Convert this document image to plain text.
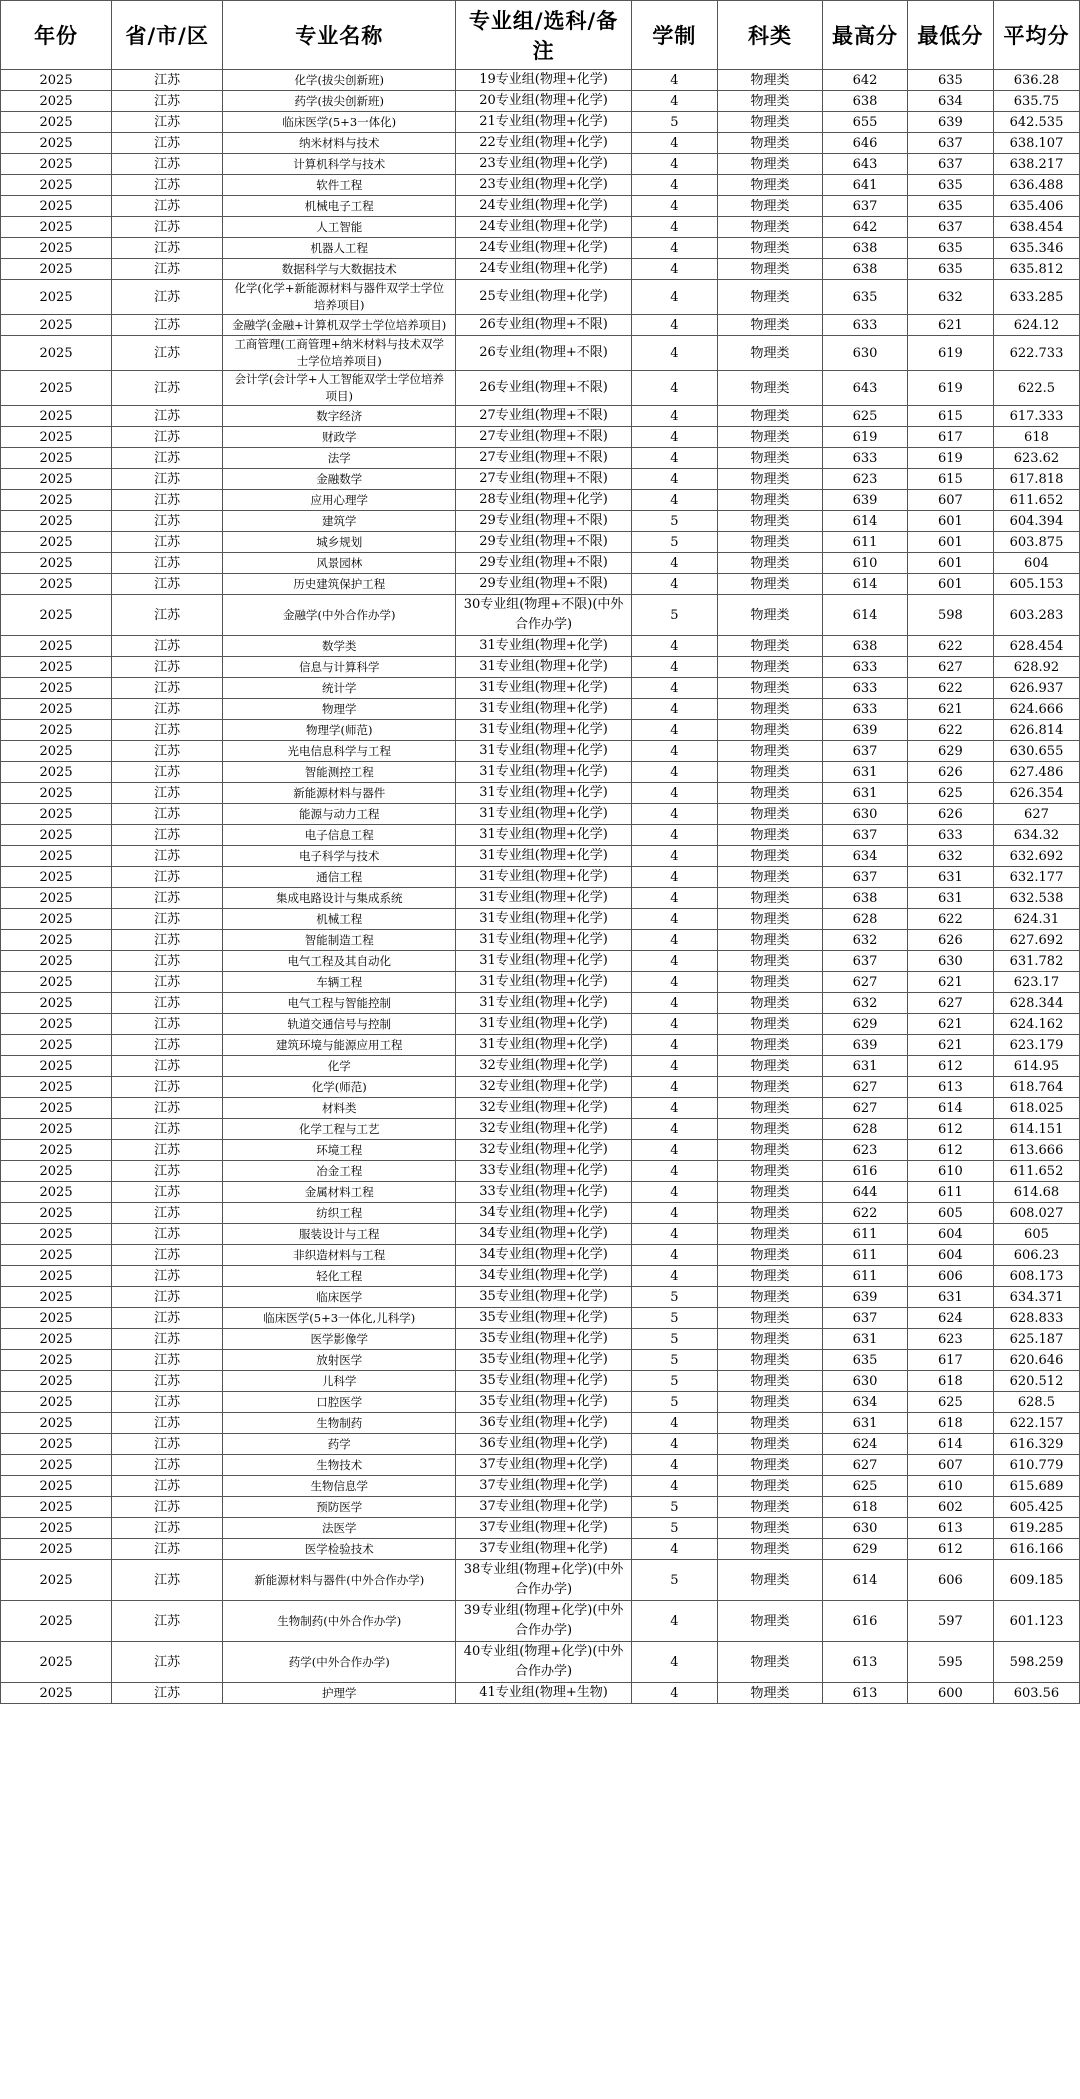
年份	省/市/区	专业名称	专业组/选科/备注	学制	科类	最高分	最低分	平均分
2025	江苏	化学(拔尖创新班)	19专业组(物理+化学)	4	物理类	642	635	636.28
2025	江苏	药学(拔尖创新班)	20专业组(物理+化学)	4	物理类	638	634	635.75
2025	江苏	临床医学(5+3一体化)	21专业组(物理+化学)	5	物理类	655	639	642.535
2025	江苏	纳米材料与技术	22专业组(物理+化学)	4	物理类	646	637	638.107
2025	江苏	计算机科学与技术	23专业组(物理+化学)	4	物理类	643	637	638.217
2025	江苏	软件工程	23专业组(物理+化学)	4	物理类	641	635	636.488
2025	江苏	机械电子工程	24专业组(物理+化学)	4	物理类	637	635	635.406
2025	江苏	人工智能	24专业组(物理+化学)	4	物理类	642	637	638.454
2025	江苏	机器人工程	24专业组(物理+化学)	4	物理类	638	635	635.346
2025	江苏	数据科学与大数据技术	24专业组(物理+化学)	4	物理类	638	635	635.812
2025	江苏	化学(化学+新能源材料与器件双学士学位培养项目)	25专业组(物理+化学)	4	物理类	635	632	633.285
2025	江苏	金融学(金融+计算机双学士学位培养项目)	26专业组(物理+不限)	4	物理类	633	621	624.12
2025	江苏	工商管理(工商管理+纳米材料与技术双学士学位培养项目)	26专业组(物理+不限)	4	物理类	630	619	622.733
2025	江苏	会计学(会计学+人工智能双学士学位培养项目)	26专业组(物理+不限)	4	物理类	643	619	622.5
2025	江苏	数字经济	27专业组(物理+不限)	4	物理类	625	615	617.333
2025	江苏	财政学	27专业组(物理+不限)	4	物理类	619	617	618
2025	江苏	法学	27专业组(物理+不限)	4	物理类	633	619	623.62
2025	江苏	金融数学	27专业组(物理+不限)	4	物理类	623	615	617.818
2025	江苏	应用心理学	28专业组(物理+化学)	4	物理类	639	607	611.652
2025	江苏	建筑学	29专业组(物理+不限)	5	物理类	614	601	604.394
2025	江苏	城乡规划	29专业组(物理+不限)	5	物理类	611	601	603.875
2025	江苏	风景园林	29专业组(物理+不限)	4	物理类	610	601	604
2025	江苏	历史建筑保护工程	29专业组(物理+不限)	4	物理类	614	601	605.153
2025	江苏	金融学(中外合作办学)	30专业组(物理+不限)(中外合作办学)	5	物理类	614	598	603.283
2025	江苏	数学类	31专业组(物理+化学)	4	物理类	638	622	628.454
2025	江苏	信息与计算科学	31专业组(物理+化学)	4	物理类	633	627	628.92
2025	江苏	统计学	31专业组(物理+化学)	4	物理类	633	622	626.937
2025	江苏	物理学	31专业组(物理+化学)	4	物理类	633	621	624.666
2025	江苏	物理学(师范)	31专业组(物理+化学)	4	物理类	639	622	626.814
2025	江苏	光电信息科学与工程	31专业组(物理+化学)	4	物理类	637	629	630.655
2025	江苏	智能测控工程	31专业组(物理+化学)	4	物理类	631	626	627.486
2025	江苏	新能源材料与器件	31专业组(物理+化学)	4	物理类	631	625	626.354
2025	江苏	能源与动力工程	31专业组(物理+化学)	4	物理类	630	626	627
2025	江苏	电子信息工程	31专业组(物理+化学)	4	物理类	637	633	634.32
2025	江苏	电子科学与技术	31专业组(物理+化学)	4	物理类	634	632	632.692
2025	江苏	通信工程	31专业组(物理+化学)	4	物理类	637	631	632.177
2025	江苏	集成电路设计与集成系统	31专业组(物理+化学)	4	物理类	638	631	632.538
2025	江苏	机械工程	31专业组(物理+化学)	4	物理类	628	622	624.31
2025	江苏	智能制造工程	31专业组(物理+化学)	4	物理类	632	626	627.692
2025	江苏	电气工程及其自动化	31专业组(物理+化学)	4	物理类	637	630	631.782
2025	江苏	车辆工程	31专业组(物理+化学)	4	物理类	627	621	623.17
2025	江苏	电气工程与智能控制	31专业组(物理+化学)	4	物理类	632	627	628.344
2025	江苏	轨道交通信号与控制	31专业组(物理+化学)	4	物理类	629	621	624.162
2025	江苏	建筑环境与能源应用工程	31专业组(物理+化学)	4	物理类	639	621	623.179
2025	江苏	化学	32专业组(物理+化学)	4	物理类	631	612	614.95
2025	江苏	化学(师范)	32专业组(物理+化学)	4	物理类	627	613	618.764
2025	江苏	材料类	32专业组(物理+化学)	4	物理类	627	614	618.025
2025	江苏	化学工程与工艺	32专业组(物理+化学)	4	物理类	628	612	614.151
2025	江苏	环境工程	32专业组(物理+化学)	4	物理类	623	612	613.666
2025	江苏	冶金工程	33专业组(物理+化学)	4	物理类	616	610	611.652
2025	江苏	金属材料工程	33专业组(物理+化学)	4	物理类	644	611	614.68
2025	江苏	纺织工程	34专业组(物理+化学)	4	物理类	622	605	608.027
2025	江苏	服装设计与工程	34专业组(物理+化学)	4	物理类	611	604	605
2025	江苏	非织造材料与工程	34专业组(物理+化学)	4	物理类	611	604	606.23
2025	江苏	轻化工程	34专业组(物理+化学)	4	物理类	611	606	608.173
2025	江苏	临床医学	35专业组(物理+化学)	5	物理类	639	631	634.371
2025	江苏	临床医学(5+3一体化,儿科学)	35专业组(物理+化学)	5	物理类	637	624	628.833
2025	江苏	医学影像学	35专业组(物理+化学)	5	物理类	631	623	625.187
2025	江苏	放射医学	35专业组(物理+化学)	5	物理类	635	617	620.646
2025	江苏	儿科学	35专业组(物理+化学)	5	物理类	630	618	620.512
2025	江苏	口腔医学	35专业组(物理+化学)	5	物理类	634	625	628.5
2025	江苏	生物制药	36专业组(物理+化学)	4	物理类	631	618	622.157
2025	江苏	药学	36专业组(物理+化学)	4	物理类	624	614	616.329
2025	江苏	生物技术	37专业组(物理+化学)	4	物理类	627	607	610.779
2025	江苏	生物信息学	37专业组(物理+化学)	4	物理类	625	610	615.689
2025	江苏	预防医学	37专业组(物理+化学)	5	物理类	618	602	605.425
2025	江苏	法医学	37专业组(物理+化学)	5	物理类	630	613	619.285
2025	江苏	医学检验技术	37专业组(物理+化学)	4	物理类	629	612	616.166
2025	江苏	新能源材料与器件(中外合作办学)	38专业组(物理+化学)(中外合作办学)	5	物理类	614	606	609.185
2025	江苏	生物制药(中外合作办学)	39专业组(物理+化学)(中外合作办学)	4	物理类	616	597	601.123
2025	江苏	药学(中外合作办学)	40专业组(物理+化学)(中外合作办学)	4	物理类	613	595	598.259
2025	江苏	护理学	41专业组(物理+生物)	4	物理类	613	600	603.56
